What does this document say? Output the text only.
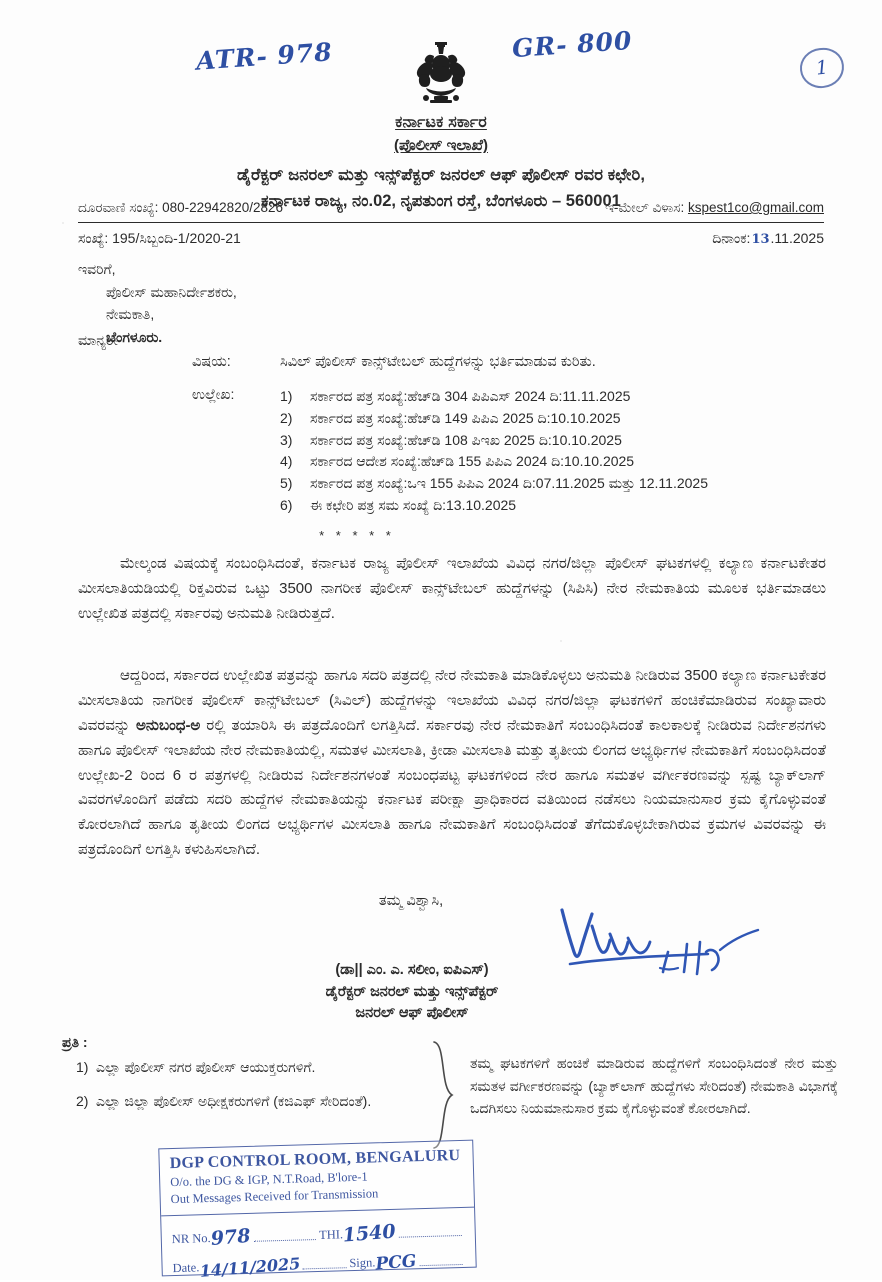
ATR- 978	GR- 800
1
ಕರ್ನಾಟಕ ಸರ್ಕಾರ
(ಪೊಲೀಸ್ ಇಲಾಖೆ)
ಡೈರೆಕ್ಟರ್ ಜನರಲ್ ಮತ್ತು ಇನ್ಸ್‌ಪೆಕ್ಟರ್ ಜನರಲ್ ಆಫ್ ಪೊಲೀಸ್ ರವರ ಕಛೇರಿ,
ಕರ್ನಾಟಕ ರಾಜ್ಯ, ನಂ.02, ನೃಪತುಂಗ ರಸ್ತೆ, ಬೆಂಗಳೂರು – 560001
ದೂರವಾಣಿ ಸಂಖ್ಯೆ: 080-22942820/2826	ಇ-ಮೇಲ್ ವಿಳಾಸ: kspest1co@gmail.com
ಸಂಖ್ಯೆ: 195/ಸಿಬ್ಬಂದಿ-1/2020-21	ದಿನಾಂಕ:13.11.2025
ಇವರಿಗೆ,
ಪೊಲೀಸ್ ಮಹಾನಿರ್ದೇಶಕರು,
ನೇಮಕಾತಿ,
ಬೆಂಗಳೂರು.
ಮಾನ್ಯರೇ
ವಿಷಯ:	ಸಿವಿಲ್ ಪೊಲೀಸ್ ಕಾನ್ಸ್‌ಟೇಬಲ್ ಹುದ್ದೆಗಳನ್ನು ಭರ್ತಿಮಾಡುವ ಕುರಿತು.
ಉಲ್ಲೇಖ:	1)	ಸರ್ಕಾರದ ಪತ್ರ ಸಂಖ್ಯೆ:ಹೆಚ್‌ಡಿ 304 ಪಿಪಿಎಸ್ 2024 ದಿ:11.11.2025
2)	ಸರ್ಕಾರದ ಪತ್ರ ಸಂಖ್ಯೆ:ಹೆಚ್‌ಡಿ 149 ಪಿಪಿಎ 2025 ದಿ:10.10.2025
3)	ಸರ್ಕಾರದ ಪತ್ರ ಸಂಖ್ಯೆ:ಹೆಚ್‌ಡಿ 108 ಪಿಇಖ 2025 ದಿ:10.10.2025
4)	ಸರ್ಕಾರದ ಆದೇಶ ಸಂಖ್ಯೆ:ಹೆಚ್‌ಡಿ 155 ಪಿಪಿಎ 2024 ದಿ:10.10.2025
5)	ಸರ್ಕಾರದ ಪತ್ರ ಸಂಖ್ಯೆ:ಒಇ 155 ಪಿಪಿಎ 2024 ದಿ:07.11.2025 ಮತ್ತು 12.11.2025
6)	ಈ ಕಛೇರಿ ಪತ್ರ ಸಮ ಸಂಖ್ಯೆ ದಿ:13.10.2025
* * * * *
ಮೇಲ್ಕಂಡ ವಿಷಯಕ್ಕೆ ಸಂಬಂಧಿಸಿದಂತೆ, ಕರ್ನಾಟಕ ರಾಜ್ಯ ಪೊಲೀಸ್ ಇಲಾಖೆಯ ವಿವಿಧ ನಗರ/ಜಿಲ್ಲಾ ಪೊಲೀಸ್ ಘಟಕಗಳಲ್ಲಿ ಕಲ್ಯಾಣ ಕರ್ನಾಟಕೇತರ ಮೀಸಲಾತಿಯಡಿಯಲ್ಲಿ ರಿಕ್ತವಿರುವ ಒಟ್ಟು 3500 ನಾಗರೀಕ ಪೊಲೀಸ್ ಕಾನ್ಸ್‌ಟೇಬಲ್ ಹುದ್ದೆಗಳನ್ನು (ಸಿಪಿಸಿ) ನೇರ ನೇಮಕಾತಿಯ ಮೂಲಕ ಭರ್ತಿಮಾಡಲು ಉಲ್ಲೇಖಿತ ಪತ್ರದಲ್ಲಿ ಸರ್ಕಾರವು ಅನುಮತಿ ನೀಡಿರುತ್ತದೆ.
ಆದ್ದರಿಂದ, ಸರ್ಕಾರದ ಉಲ್ಲೇಖಿತ ಪತ್ರವನ್ನು ಹಾಗೂ ಸದರಿ ಪತ್ರದಲ್ಲಿ ನೇರ ನೇಮಕಾತಿ ಮಾಡಿಕೊಳ್ಳಲು ಅನುಮತಿ ನೀಡಿರುವ 3500 ಕಲ್ಯಾಣ ಕರ್ನಾಟಕೇತರ ಮೀಸಲಾತಿಯ ನಾಗರೀಕ ಪೊಲೀಸ್ ಕಾನ್ಸ್‌ಟೇಬಲ್ (ಸಿವಿಲ್) ಹುದ್ದೆಗಳನ್ನು ಇಲಾಖೆಯ ವಿವಿಧ ನಗರ/ಜಿಲ್ಲಾ ಘಟಕಗಳಿಗೆ ಹಂಚಿಕೆಮಾಡಿರುವ ಸಂಖ್ಯಾವಾರು ವಿವರವನ್ನು ಅನುಬಂಧ-ಅ ರಲ್ಲಿ ತಯಾರಿಸಿ ಈ ಪತ್ರದೊಂದಿಗೆ ಲಗತ್ತಿಸಿದೆ. ಸರ್ಕಾರವು ನೇರ ನೇಮಕಾತಿಗೆ ಸಂಬಂಧಿಸಿದಂತೆ ಕಾಲಕಾಲಕ್ಕೆ ನೀಡಿರುವ ನಿರ್ದೇಶನಗಳು ಹಾಗೂ ಪೊಲೀಸ್ ಇಲಾಖೆಯ ನೇರ ನೇಮಕಾತಿಯಲ್ಲಿ, ಸಮತಳ ಮೀಸಲಾತಿ, ಕ್ರೀಡಾ ಮೀಸಲಾತಿ ಮತ್ತು ತೃತೀಯ ಲಿಂಗದ ಅಭ್ಯರ್ಥಿಗಳ ನೇಮಕಾತಿಗೆ ಸಂಬಂಧಿಸಿದಂತೆ ಉಲ್ಲೇಖ-2 ರಿಂದ 6 ರ ಪತ್ರಗಳಲ್ಲಿ ನೀಡಿರುವ ನಿರ್ದೇಶನಗಳಂತೆ ಸಂಬಂಧಪಟ್ಟ ಘಟಕಗಳಿಂದ ನೇರ ಹಾಗೂ ಸಮತಳ ವರ್ಗೀಕರಣವನ್ನು ಸ್ಪಷ್ಟ ಬ್ಯಾಕ್‌ಲಾಗ್ ವಿವರಗಳೊಂದಿಗೆ ಪಡೆದು ಸದರಿ ಹುದ್ದೆಗಳ ನೇಮಕಾತಿಯನ್ನು ಕರ್ನಾಟಕ ಪರೀಕ್ಷಾ ಪ್ರಾಧಿಕಾರದ ವತಿಯಿಂದ ನಡೆಸಲು ನಿಯಮಾನುಸಾರ ಕ್ರಮ ಕೈಗೊಳ್ಳುವಂತೆ ಕೋರಲಾಗಿದೆ ಹಾಗೂ ತೃತೀಯ ಲಿಂಗದ ಅಭ್ಯರ್ಥಿಗಳ ಮೀಸಲಾತಿ ಹಾಗೂ ನೇಮಕಾತಿಗೆ ಸಂಬಂಧಿಸಿದಂತೆ ತೆಗೆದುಕೊಳ್ಳಬೇಕಾಗಿರುವ ಕ್ರಮಗಳ ವಿವರವನ್ನು ಈ ಪತ್ರದೊಂದಿಗೆ ಲಗತ್ತಿಸಿ ಕಳುಹಿಸಲಾಗಿದೆ.
ತಮ್ಮ ವಿಶ್ವಾಸಿ,
(ಡಾ|| ಎಂ. ಎ. ಸಲೀಂ, ಐಪಿಎಸ್)
ಡೈರೆಕ್ಟರ್ ಜನರಲ್ ಮತ್ತು ಇನ್ಸ್‌ಪೆಕ್ಟರ್
ಜನರಲ್ ಆಫ್ ಪೊಲೀಸ್
ಪ್ರತಿ :
1) ಎಲ್ಲಾ ಪೊಲೀಸ್ ನಗರ ಪೊಲೀಸ್ ಆಯುಕ್ತರುಗಳಿಗೆ.
2) ಎಲ್ಲಾ ಜಿಲ್ಲಾ ಪೊಲೀಸ್ ಅಧೀಕ್ಷಕರುಗಳಿಗೆ (ಕಜಿಎಫ್ ಸೇರಿದಂತೆ).
ತಮ್ಮ ಘಟಕಗಳಿಗೆ ಹಂಚಿಕೆ ಮಾಡಿರುವ ಹುದ್ದೆಗಳಿಗೆ ಸಂಬಂಧಿಸಿದಂತೆ ನೇರ ಮತ್ತು ಸಮತಳ ವರ್ಗೀಕರಣವನ್ನು (ಬ್ಯಾಕ್‌ಲಾಗ್ ಹುದ್ದೆಗಳು ಸೇರಿದಂತೆ) ನೇಮಕಾತಿ ವಿಭಾಗಕ್ಕೆ ಒದಗಿಸಲು ನಿಯಮಾನುಸಾರ ಕ್ರಮ ಕೈಗೊಳ್ಳುವಂತೆ ಕೋರಲಾಗಿದೆ.
DGP CONTROL ROOM, BENGALURU
O/o. the DG & IGP, N.T.Road, B'lore-1
Out Messages Received for Transmission
NR No.
978	THI.
1540
Date. 14/11/2025	Sign. PCG
